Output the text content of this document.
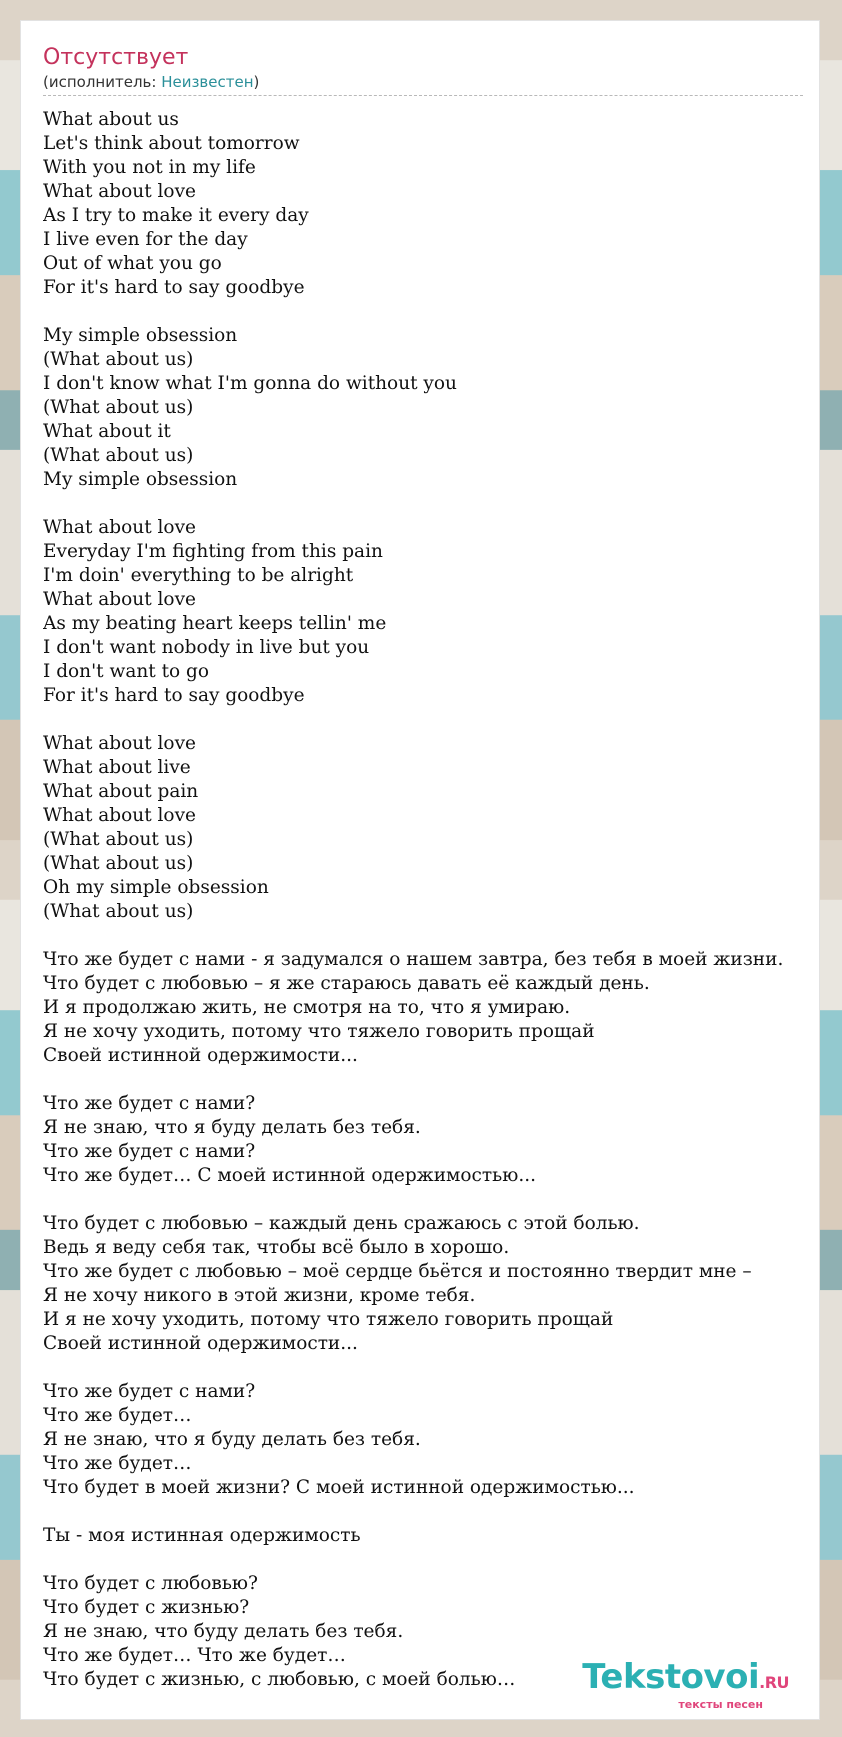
Отсутствует
(исполнитель: Неизвестен)
What about us
Let's think about tomorrow
With you not in my life
What about love
As I try to make it every day
I live even for the day
Out of what you go
For it's hard to say goodbye

My simple obsession
(What about us)
I don't know what I'm gonna do without you
(What about us)
What about it
(What about us)
My simple obsession

What about love
Everyday I'm fighting from this pain
I'm doin' everything to be alright
What about love
As my beating heart keeps tellin' me
I don't want nobody in live but you
I don't want to go
For it's hard to say goodbye

What about love
What about live
What about pain
What about love
(What about us)
(What about us)
Oh my simple obsession
(What about us)

Что же будет с нами - я задумался о нашем завтра, без тебя в моей жизни.
Что будет с любовью – я же стараюсь давать её каждый день.
И я продолжаю жить, не смотря на то, что я умираю.
Я не хочу уходить, потому что тяжело говорить прощай
Своей истинной одержимости...

Что же будет с нами?
Я не знаю, что я буду делать без тебя.
Что же будет с нами?
Что же будет… С моей истинной одержимостью...

Что будет с любовью – каждый день сражаюсь с этой болью.
Ведь я веду себя так, чтобы всё было в хорошо.
Что же будет с любовью – моё сердце бьётся и постоянно твердит мне –
Я не хочу никого в этой жизни, кроме тебя.
И я не хочу уходить, потому что тяжело говорить прощай
Своей истинной одержимости...

Что же будет с нами?
Что же будет…
Я не знаю, что я буду делать без тебя.
Что же будет…
Что будет в моей жизни? С моей истинной одержимостью...

Ты - моя истинная одержимость

Что будет с любовью?
Что будет с жизнью?
Я не знаю, что буду делать без тебя.
Что же будет… Что же будет…
Что будет с жизнью, с любовью, с моей болью…	Tekstovoi.RU
тексты песен
